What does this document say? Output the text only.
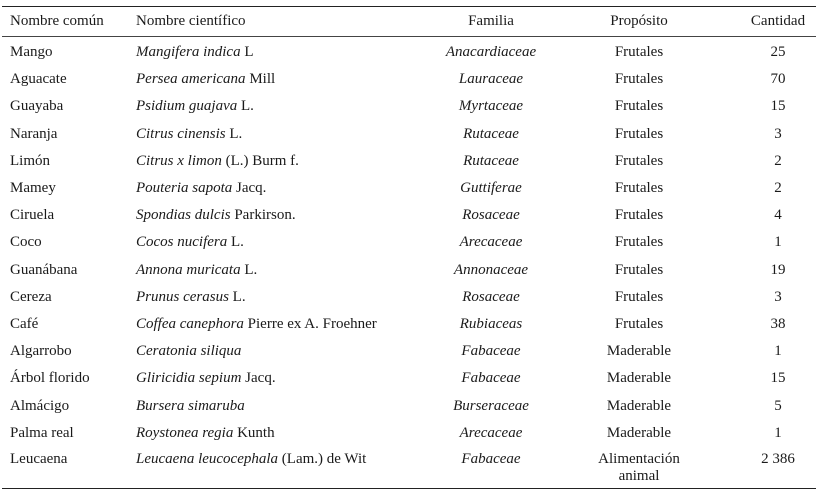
Nombre común	Nombre científico	Familia	Propósito	Cantidad
Mango	Mangifera indica L	Anacardiaceae	Frutales	25
Aguacate	Persea americana Mill	Lauraceae	Frutales	70
Guayaba	Psidium guajava L.	Myrtaceae	Frutales	15
Naranja	Citrus cinensis L.	Rutaceae	Frutales	3
Limón	Citrus x limon (L.) Burm f.	Rutaceae	Frutales	2
Mamey	Pouteria sapota Jacq.	Guttiferae	Frutales	2
Ciruela	Spondias dulcis Parkirson.	Rosaceae	Frutales	4
Coco	Cocos nucifera L.	Arecaceae	Frutales	1
Guanábana	Annona muricata L.	Annonaceae	Frutales	19
Cereza	Prunus cerasus L.	Rosaceae	Frutales	3
Café	Coffea canephora Pierre ex A. Froehner	Rubiaceas	Frutales	38
Algarrobo	Ceratonia siliqua	Fabaceae	Maderable	1
Árbol florido	Gliricidia sepium Jacq.	Fabaceae	Maderable	15
Almácigo	Bursera simaruba	Burseraceae	Maderable	5
Palma real	Roystonea regia Kunth	Arecaceae	Maderable	1
Leucaena	Leucaena leucocephala (Lam.) de Wit	Fabaceae	Alimentación animal	2 386
